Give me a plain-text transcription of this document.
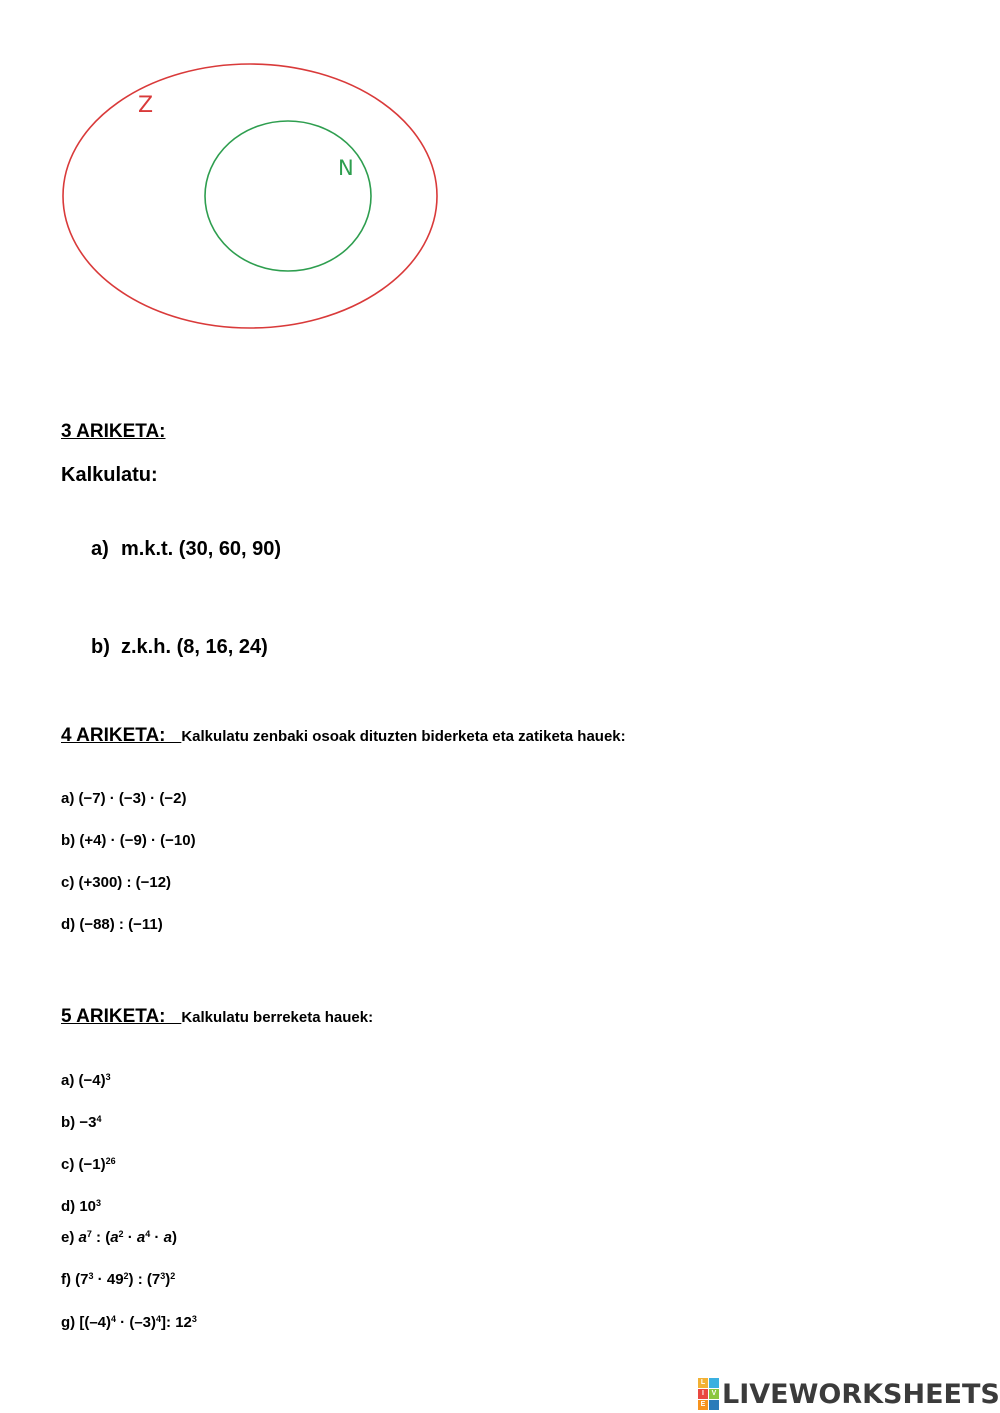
Z
N
3 ARIKETA:
Kalkulatu:
a) m.k.t. (30, 60, 90)
b) z.k.h. (8, 16, 24)
4 ARIKETA: Kalkulatu zenbaki osoak dituzten biderketa eta zatiketa hauek:
a) (−7) · (−3) · (−2)
b) (+4) · (−9) · (−10)
c) (+300) : (−12)
d) (−88) : (−11)
5 ARIKETA: Kalkulatu berreketa hauek:
a) $(-4)^3$
$b) -3^4$
c) $(-1)^{26}$
d) $10^3$
e) $a^7$ : $(a^2 \cdot a^4 \cdot a)$
f) $(7^3 \cdot 49^2)$ : $(7^3)^2$
g) $[(-4)^4 \cdot (-3)^4]$: $12^3$
L
I	V
E LIVEWORKSHEETS
